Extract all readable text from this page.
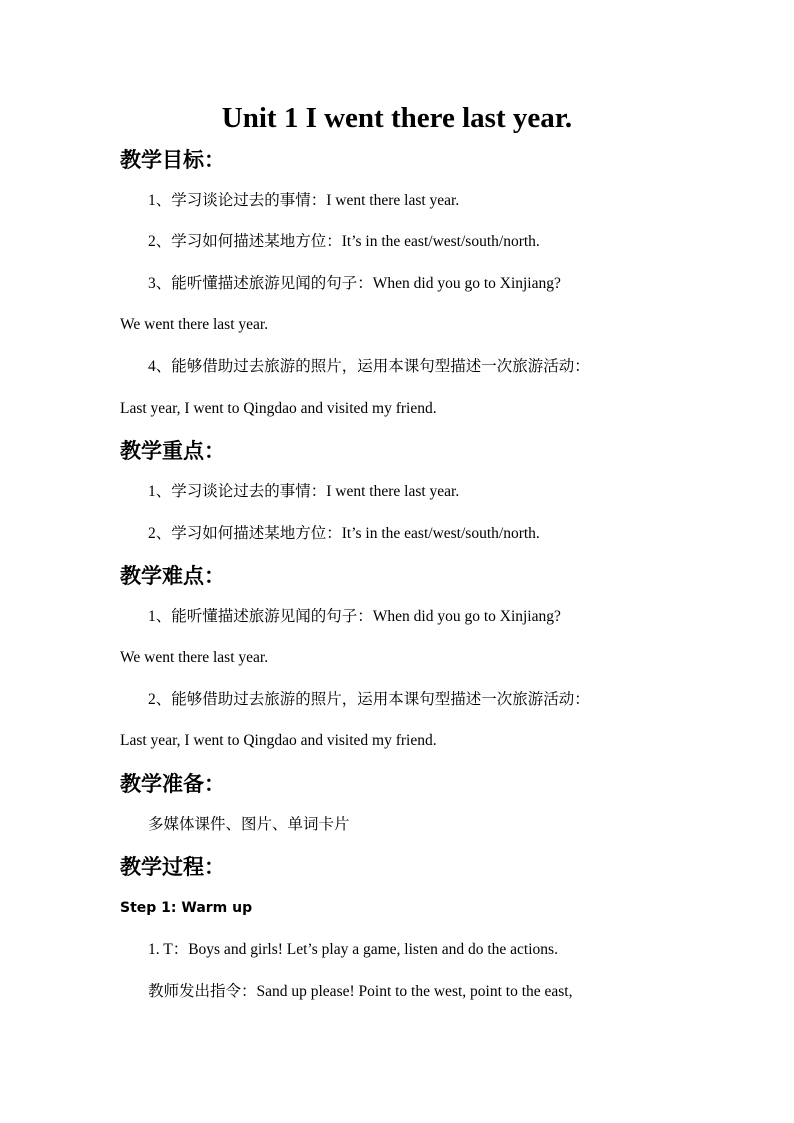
Unit 1 I went there last year.
教学目标：
1、学习谈论过去的事情：I went there last year.
2、学习如何描述某地方位：It’s in the east/west/south/north.
3、能听懂描述旅游见闻的句子：When did you go to Xinjiang?
We went there last year.
4、能够借助过去旅游的照片，运用本课句型描述一次旅游活动：
Last year, I went to Qingdao and visited my friend.
教学重点：
1、学习谈论过去的事情：I went there last year.
2、学习如何描述某地方位：It’s in the east/west/south/north.
教学难点：
1、能听懂描述旅游见闻的句子：When did you go to Xinjiang?
We went there last year.
2、能够借助过去旅游的照片，运用本课句型描述一次旅游活动：
Last year, I went to Qingdao and visited my friend.
教学准备：
多媒体课件、图片、单词卡片
教学过程：
Step 1: Warm up
1. T：Boys and girls! Let’s play a game, listen and do the actions.
教师发出指令：Sand up please! Point to the west, point to the east,
